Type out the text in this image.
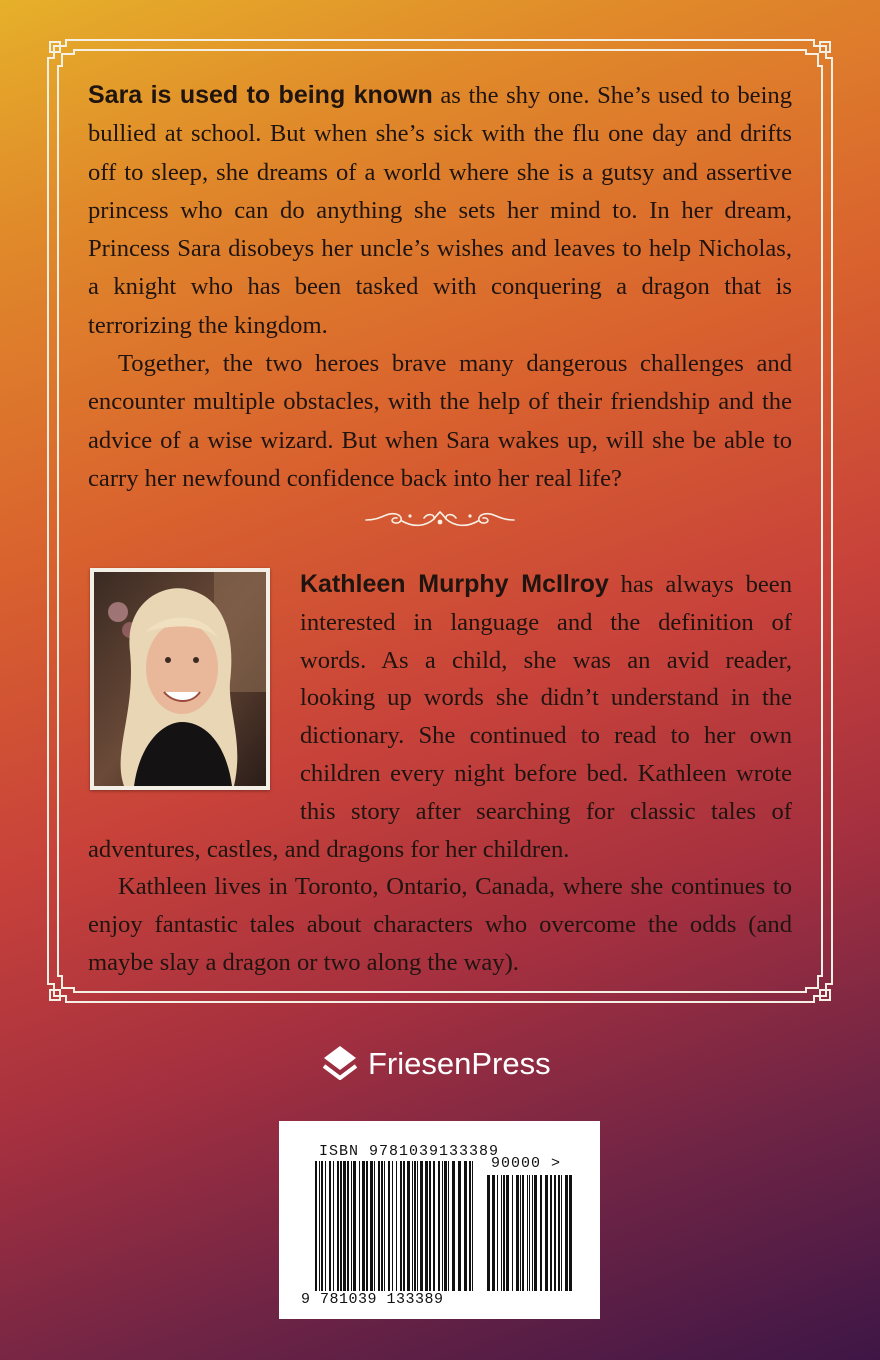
Sara is used to being known as the shy one. She’s used to being bullied at school. But when she’s sick with the flu one day and drifts off to sleep, she dreams of a world where she is a gutsy and assertive princess who can do anything she sets her mind to. In her dream, Princess Sara disobeys her uncle’s wishes and leaves to help Nicholas, a knight who has been tasked with conquering a dragon that is terrorizing the kingdom.

Together, the two heroes brave many dangerous challenges and encounter multiple obstacles, with the help of their friendship and the advice of a wise wizard. But when Sara wakes up, will she be able to carry her newfound confidence back into her real life?

Kathleen Murphy McIlroy has always been interested in language and the definition of words. As a child, she was an avid reader, looking up words she didn’t understand in the dictionary. She continued to read to her own children every night before bed. Kathleen wrote this story after searching for classic tales of adventures, castles, and dragons for her children.

Kathleen lives in Toronto, Ontario, Canada, where she continues to enjoy fantastic tales about characters who overcome the odds (and maybe slay a dragon or two along the way).

FriesenPress
ISBN 9781039133389
90000 >
9 781039 133389
